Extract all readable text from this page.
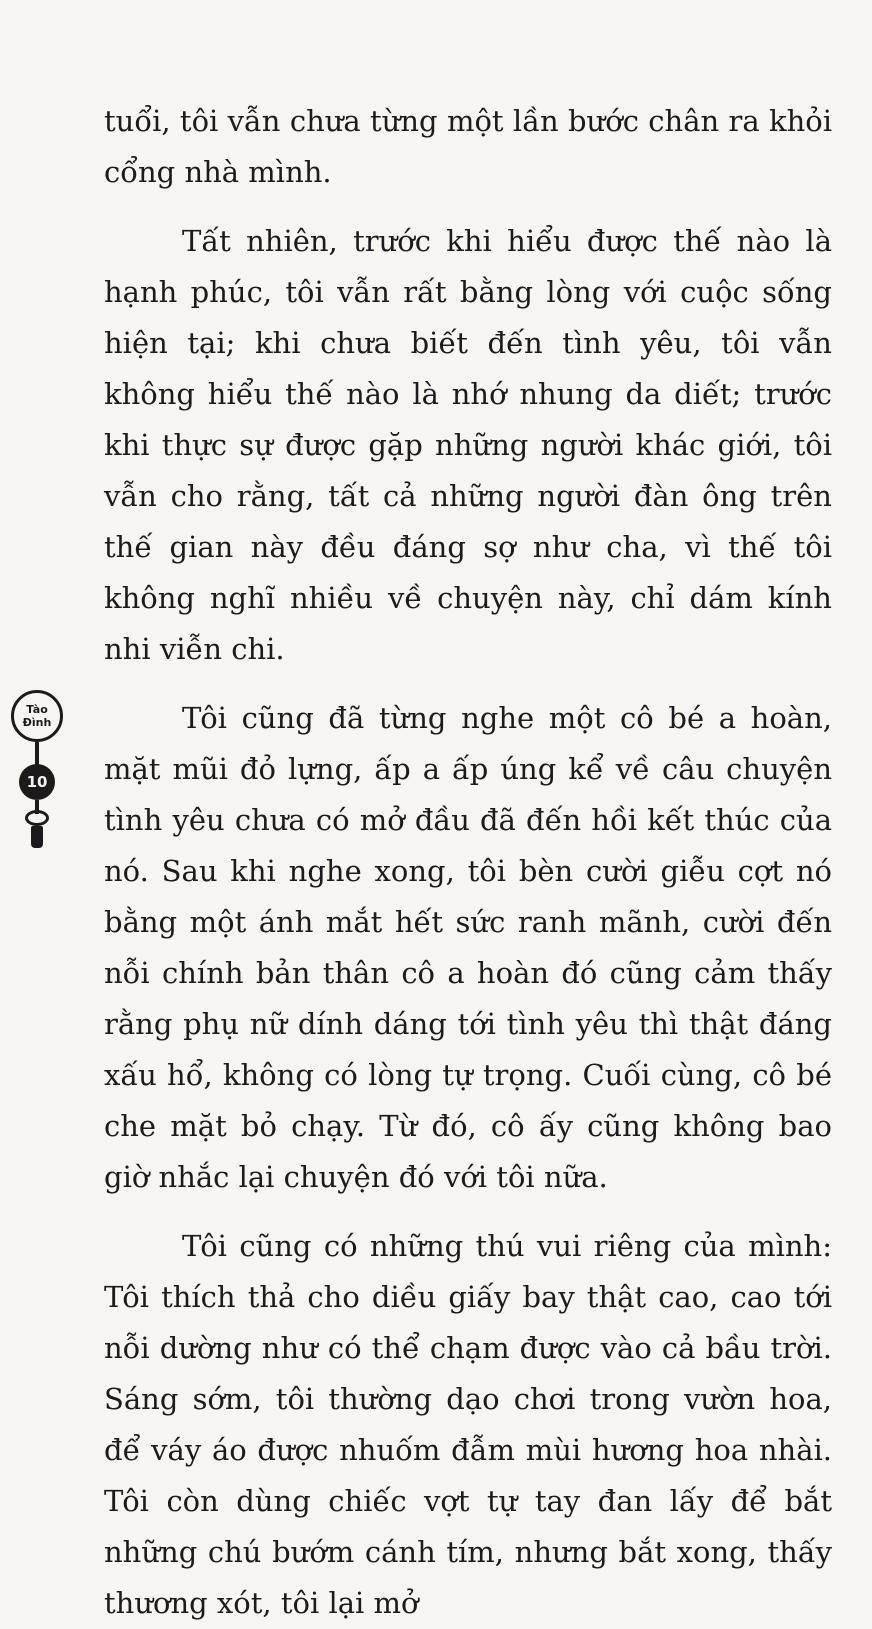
tuổi, tôi vẫn chưa từng một lần bước chân ra khỏi cổng nhà mình.

Tất nhiên, trước khi hiểu được thế nào là hạnh phúc, tôi vẫn rất bằng lòng với cuộc sống hiện tại; khi chưa biết đến tình yêu, tôi vẫn không hiểu thế nào là nhớ nhung da diết; trước khi thực sự được gặp những người khác giới, tôi vẫn cho rằng, tất cả những người đàn ông trên thế gian này đều đáng sợ như cha, vì thế tôi không nghĩ nhiều về chuyện này, chỉ dám kính nhi viễn chi.

Tôi cũng đã từng nghe một cô bé a hoàn, mặt mũi đỏ lựng, ấp a ấp úng kể về câu chuyện tình yêu chưa có mở đầu đã đến hồi kết thúc của nó. Sau khi nghe xong, tôi bèn cười giễu cợt nó bằng một ánh mắt hết sức ranh mãnh, cười đến nỗi chính bản thân cô a hoàn đó cũng cảm thấy rằng phụ nữ dính dáng tới tình yêu thì thật đáng xấu hổ, không có lòng tự trọng. Cuối cùng, cô bé che mặt bỏ chạy. Từ đó, cô ấy cũng không bao giờ nhắc lại chuyện đó với tôi nữa.

Tôi cũng có những thú vui riêng của mình: Tôi thích thả cho diều giấy bay thật cao, cao tới nỗi dường như có thể chạm được vào cả bầu trời. Sáng sớm, tôi thường dạo chơi trong vườn hoa, để váy áo được nhuốm đẫm mùi hương hoa nhài. Tôi còn dùng chiếc vợt tự tay đan lấy để bắt những chú bướm cánh tím, nhưng bắt xong, thấy thương xót, tôi lại mở

Tào
Đình
10
